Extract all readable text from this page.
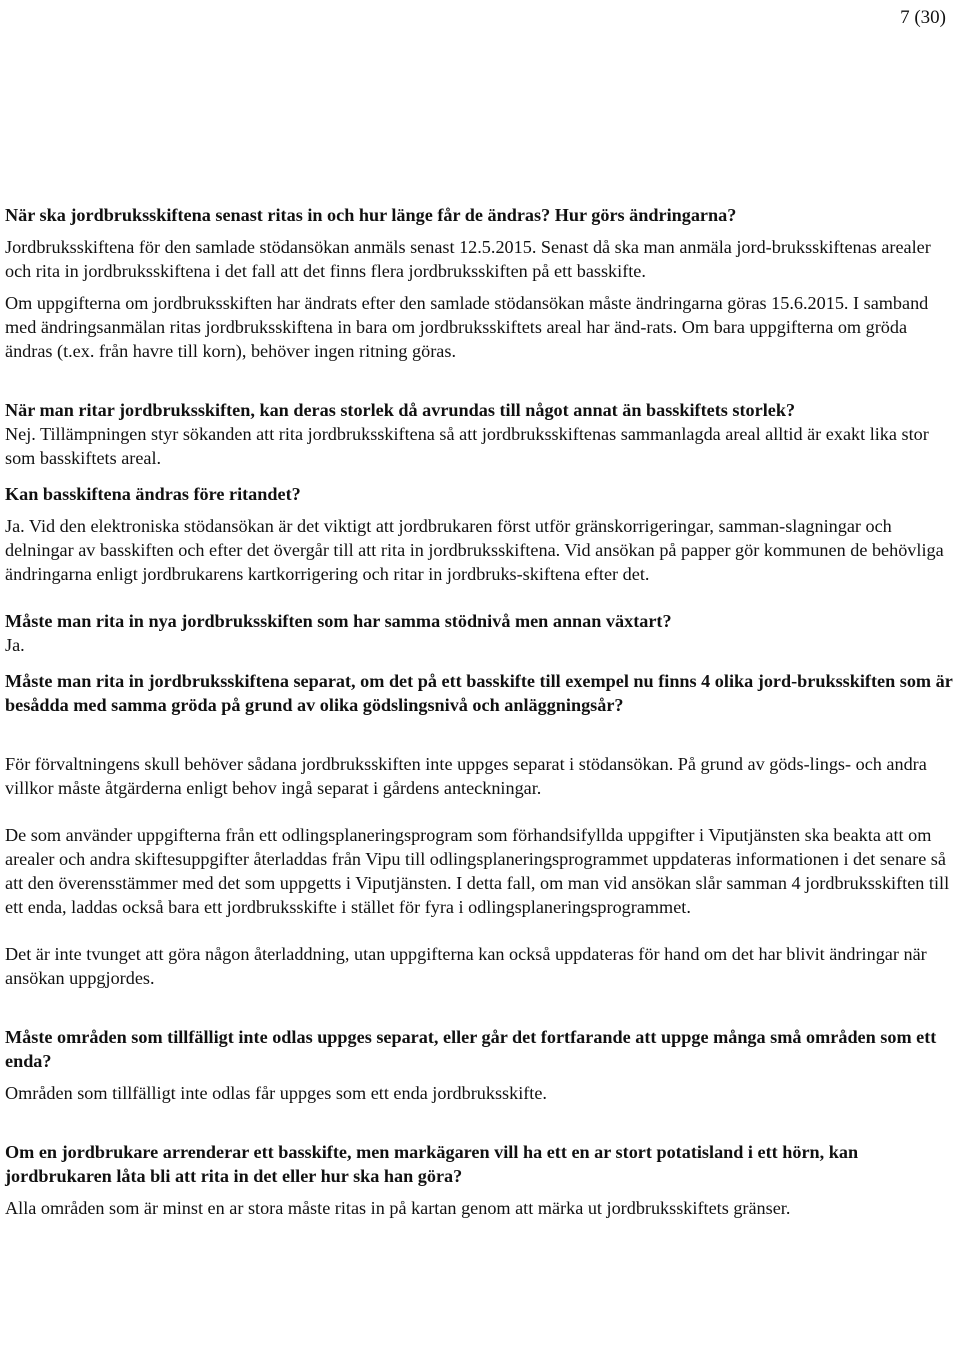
7 (30)

När ska jordbruksskiftena senast ritas in och hur länge får de ändras? Hur görs ändringarna?

Jordbruksskiftena för den samlade stödansökan anmäls senast 12.5.2015. Senast då ska man anmäla jord-bruksskiftenas arealer och rita in jordbruksskiftena i det fall att det finns flera jordbruksskiften på ett basskifte.

Om uppgifterna om jordbruksskiften har ändrats efter den samlade stödansökan måste ändringarna göras 15.6.2015. I samband med ändringsanmälan ritas jordbruksskiftena in bara om jordbruksskiftets areal har änd-rats. Om bara uppgifterna om gröda ändras (t.ex. från havre till korn), behöver ingen ritning göras.

När man ritar jordbruksskiften, kan deras storlek då avrundas till något annat än basskiftets storlek?

Nej. Tillämpningen styr sökanden att rita jordbruksskiftena så att jordbruksskiftenas sammanlagda areal alltid är exakt lika stor som basskiftets areal.

Kan basskiftena ändras före ritandet?

Ja. Vid den elektroniska stödansökan är det viktigt att jordbrukaren först utför gränskorrigeringar, samman-slagningar och delningar av basskiften och efter det övergår till att rita in jordbruksskiftena. Vid ansökan på papper gör kommunen de behövliga ändringarna enligt jordbrukarens kartkorrigering och ritar in jordbruks-skiftena efter det.

Måste man rita in nya jordbruksskiften som har samma stödnivå men annan växtart?

Ja.

Måste man rita in jordbruksskiftena separat, om det på ett basskifte till exempel nu finns 4 olika jord-bruksskiften som är besådda med samma gröda på grund av olika gödslingsnivå och anläggningsår?

För förvaltningens skull behöver sådana jordbruksskiften inte uppges separat i stödansökan. På grund av göds-lings- och andra villkor måste åtgärderna enligt behov ingå separat i gårdens anteckningar.

De som använder uppgifterna från ett odlingsplaneringsprogram som förhandsifyllda uppgifter i Viputjänsten ska beakta att om arealer och andra skiftesuppgifter återladdas från Vipu till odlingsplaneringsprogrammet uppdateras informationen i det senare så att den överensstämmer med det som uppgetts i Viputjänsten. I detta fall, om man vid ansökan slår samman 4 jordbruksskiften till ett enda, laddas också bara ett jordbruksskifte i stället för fyra i odlingsplaneringsprogrammet.

Det är inte tvunget att göra någon återladdning, utan uppgifterna kan också uppdateras för hand om det har blivit ändringar när ansökan uppgjordes.

Måste områden som tillfälligt inte odlas uppges separat, eller går det fortfarande att uppge många små områden som ett enda?

Områden som tillfälligt inte odlas får uppges som ett enda jordbruksskifte.

Om en jordbrukare arrenderar ett basskifte, men markägaren vill ha ett en ar stort potatisland i ett hörn, kan jordbrukaren låta bli att rita in det eller hur ska han göra?

Alla områden som är minst en ar stora måste ritas in på kartan genom att märka ut jordbruksskiftets gränser.
